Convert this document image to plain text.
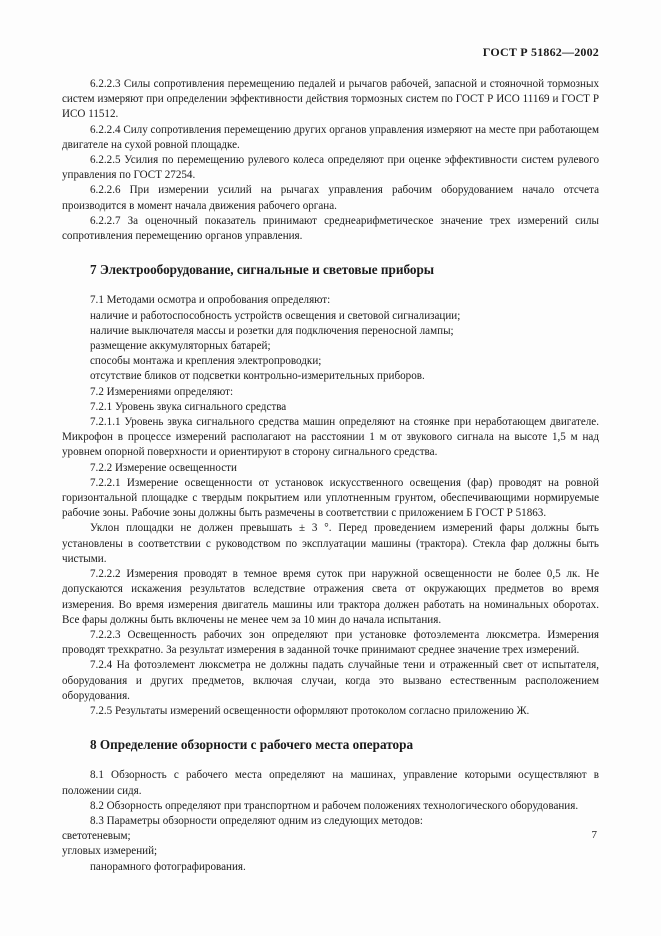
ГОСТ Р 51862—2002

6.2.2.3 Силы сопротивления перемещению педалей и рычагов рабочей, запасной и стояночной тормозных систем измеряют при определении эффективности действия тормозных систем по ГОСТ Р ИСО 11169 и ГОСТ Р ИСО 11512.

6.2.2.4 Силу сопротивления перемещению других органов управления измеряют на месте при работающем двигателе на сухой ровной площадке.

6.2.2.5 Усилия по перемещению рулевого колеса определяют при оценке эффективности систем рулевого управления по ГОСТ 27254.

6.2.2.6 При измерении усилий на рычагах управления рабочим оборудованием начало отсчета производится в момент начала движения рабочего органа.

6.2.2.7 За оценочный показатель принимают среднеарифметическое значение трех измерений силы сопротивления перемещению органов управления.

7 Электрооборудование, сигнальные и световые приборы

7.1 Методами осмотра и опробования определяют:

наличие и работоспособность устройств освещения и световой сигнализации;

наличие выключателя массы и розетки для подключения переносной лампы;

размещение аккумуляторных батарей;

способы монтажа и крепления электропроводки;

отсутствие бликов от подсветки контрольно-измерительных приборов.

7.2 Измерениями определяют:

7.2.1 Уровень звука сигнального средства

7.2.1.1 Уровень звука сигнального средства машин определяют на стоянке при неработающем двигателе. Микрофон в процессе измерений располагают на расстоянии 1 м от звукового сигнала на высоте 1,5 м над уровнем опорной поверхности и ориентируют в сторону сигнального средства.

7.2.2 Измерение освещенности

7.2.2.1 Измерение освещенности от установок искусственного освещения (фар) проводят на ровной горизонтальной площадке с твердым покрытием или уплотненным грунтом, обеспечивающими нормируемые рабочие зоны. Рабочие зоны должны быть размечены в соответствии с приложением Б ГОСТ Р 51863.

Уклон площадки не должен превышать ± 3 °. Перед проведением измерений фары должны быть установлены в соответствии с руководством по эксплуатации машины (трактора). Стекла фар должны быть чистыми.

7.2.2.2 Измерения проводят в темное время суток при наружной освещенности не более 0,5 лк. Не допускаются искажения результатов вследствие отражения света от окружающих предметов во время измерения. Во время измерения двигатель машины или трактора должен работать на номинальных оборотах. Все фары должны быть включены не менее чем за 10 мин до начала испытания.

7.2.2.3 Освещенность рабочих зон определяют при установке фотоэлемента люксметра. Измерения проводят трехкратно. За результат измерения в заданной точке принимают среднее значение трех измерений.

7.2.4 На фотоэлемент люксметра не должны падать случайные тени и отраженный свет от испытателя, оборудования и других предметов, включая случаи, когда это вызвано естественным расположением оборудования.

7.2.5 Результаты измерений освещенности оформляют протоколом согласно приложению Ж.

8 Определение обзорности с рабочего места оператора

8.1 Обзорность с рабочего места определяют на машинах, управление которыми осуществляют в положении сидя.

8.2 Обзорность определяют при транспортном и рабочем положениях технологического оборудования.

8.3 Параметры обзорности определяют одним из следующих методов:

светотеневым;

угловых измерений;

панорамного фотографирования.

7
